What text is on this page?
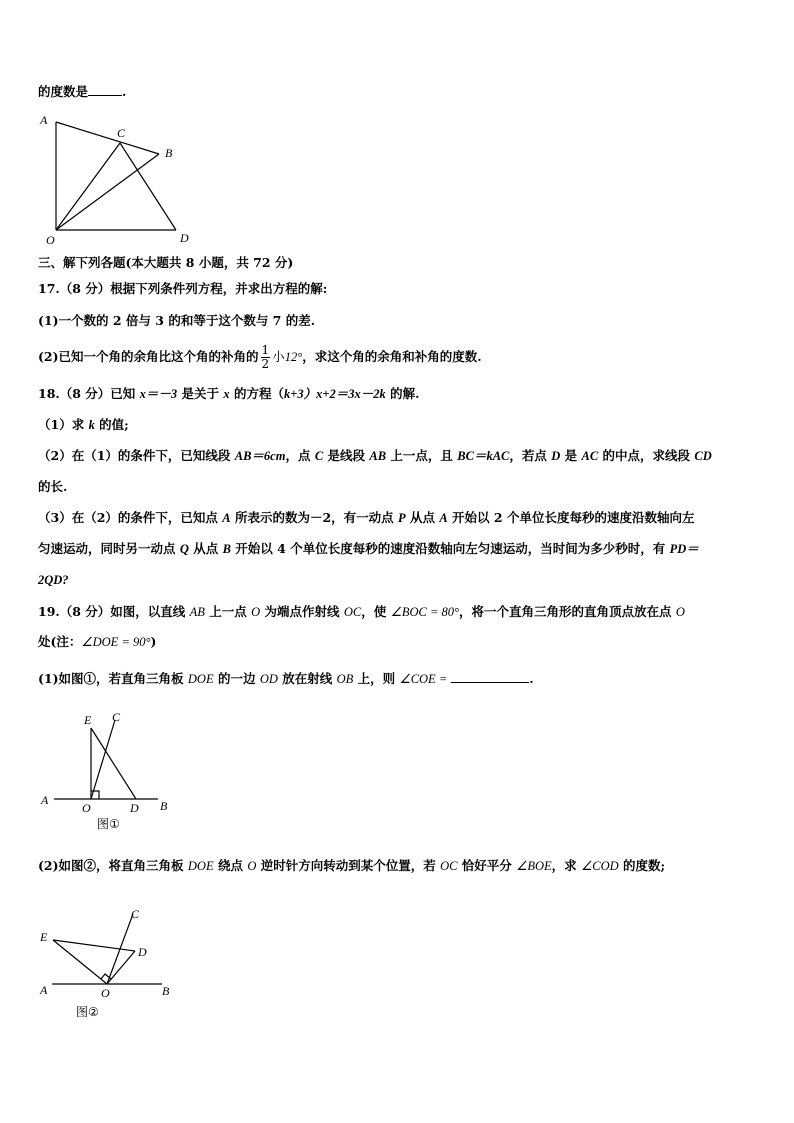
的度数是	.
A
C
B
O	D
三、解下列各题(本大题共 8 小题，共 72 分)
17.（8 分）根据下列条件列方程，并求出方程的解:
(1)一个数的 2 倍与 3 的和等于这个数与 7 的差.
(2)已知一个角的余角比这个角的补角的 $\frac{1}{2}$ 小12°，求这个角的余角和补角的度数.
18.（8 分）已知 x＝－3 是关于 x 的方程（k+3）x+2＝3x－2k 的解.
（1）求 k 的值;
（2）在（1）的条件下，已知线段 AB＝6cm，点 C 是线段 AB 上一点，且 BC＝kAC，若点 D 是 AC 的中点，求线段 CD
的长.
（3）在（2）的条件下，已知点 A 所表示的数为－2，有一动点 P 从点 A 开始以 2 个单位长度每秒的速度沿数轴向左
匀速运动，同时另一动点 Q 从点 B 开始以 4 个单位长度每秒的速度沿数轴向左匀速运动，当时间为多少秒时，有 PD＝
2QD?
19.（8 分）如图，以直线 AB 上一点 O 为端点作射线 OC，使 ∠BOC = 80°，将一个直角三角形的直角顶点放在点 O
处(注：∠DOE = 90°)
(1)如图①，若直角三角板 DOE 的一边 OD 放在射线 OB 上，则 ∠COE =	.
E C
A
O	D B
图①
(2)如图②，将直角三角板 DOE 绕点 O 逆时针方向转动到某个位置，若 OC 恰好平分 ∠BOE，求 ∠COD 的度数;
C
E
D
A	O	B
图②
